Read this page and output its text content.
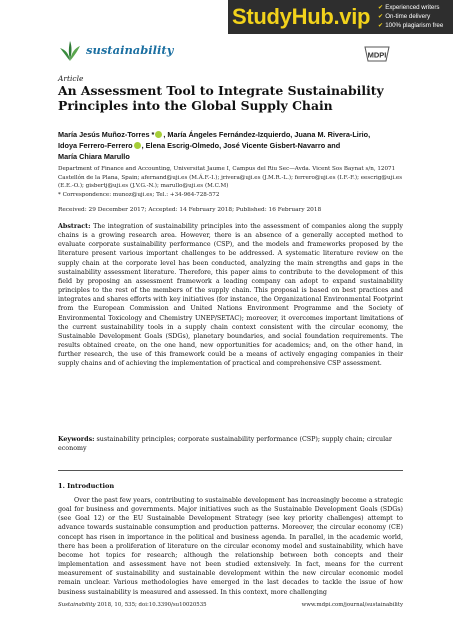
StudyHub.vip ✔ Experienced writers
✔ On-time delivery
✔ 100% plagiarism free
sustainability	MDPI
Article
An Assessment Tool to Integrate Sustainability Principles into the Global Supply Chain
María Jesús Muñoz-Torres * , María Ángeles Fernández-Izquierdo, Juana M. Rivera-Lirio,
Idoya Ferrero-Ferrero , Elena Escrig-Olmedo, José Vicente Gisbert-Navarro and
María Chiara Marullo
Department of Finance and Accounting, Universitat Jaume I, Campus del Riu Sec—Avda. Vicent Sos Baynat s/n, 12071 Castellón de la Plana, Spain; afernand@uji.es (M.Á.F.-I.); jrivera@uji.es (J.M.R.-L.); ferrero@uji.es (I.F.-F.); eescrig@uji.es (E.E.-O.); gisbertj@uji.es (J.V.G.-N.); marullo@uji.es (M.C.M)
* Correspondence: munoz@uji.es; Tel.: +34-964-728-572
Received: 29 December 2017; Accepted: 14 February 2018; Published: 16 February 2018
Abstract: The integration of sustainability principles into the assessment of companies along the supply chains is a growing research area. However, there is an absence of a generally accepted method to evaluate corporate sustainability performance (CSP), and the models and frameworks proposed by the literature present various important challenges to be addressed. A systematic literature review on the supply chain at the corporate level has been conducted, analyzing the main strengths and gaps in the sustainability assessment literature. Therefore, this paper aims to contribute to the development of this field by proposing an assessment framework a leading company can adopt to expand sustainability principles to the rest of the members of the supply chain. This proposal is based on best practices and integrates and shares efforts with key initiatives (for instance, the Organizational Environmental Footprint from the European Commission and United Nations Environment Programme and the Society of Environmental Toxicology and Chemistry UNEP/SETAC); moreover, it overcomes important limitations of the current sustainability tools in a supply chain context consistent with the circular economy, the Sustainable Development Goals (SDGs), planetary boundaries, and social foundation requirements. The results obtained create, on the one hand, new opportunities for academics; and, on the other hand, in further research, the use of this framework could be a means of actively engaging companies in their supply chains and of achieving the implementation of practical and comprehensive CSP assessment.
Keywords: sustainability principles; corporate sustainability performance (CSP); supply chain; circular economy
1. Introduction
Over the past few years, contributing to sustainable development has increasingly become a strategic goal for business and governments. Major initiatives such as the Sustainable Development Goals (SDGs) (see Goal 12) or the EU Sustainable Development Strategy (see key priority challenges) attempt to advance towards sustainable consumption and production patterns. Moreover, the circular economy (CE) concept has risen in importance in the political and business agenda. In parallel, in the academic world, there has been a proliferation of literature on the circular economy model and sustainability, which have become hot topics for research; although the relationship between both concepts and their implementation and assessment have not been studied extensively. In fact, means for the current measurement of sustainability and sustainable development within the new circular economic model remain unclear. Various methodologies have emerged in the last decades to tackle the issue of how business sustainability is measured and assessed. In this context, more challenging
Sustainability 2018, 10, 535; doi:10.3390/su10020535	www.mdpi.com/journal/sustainability
